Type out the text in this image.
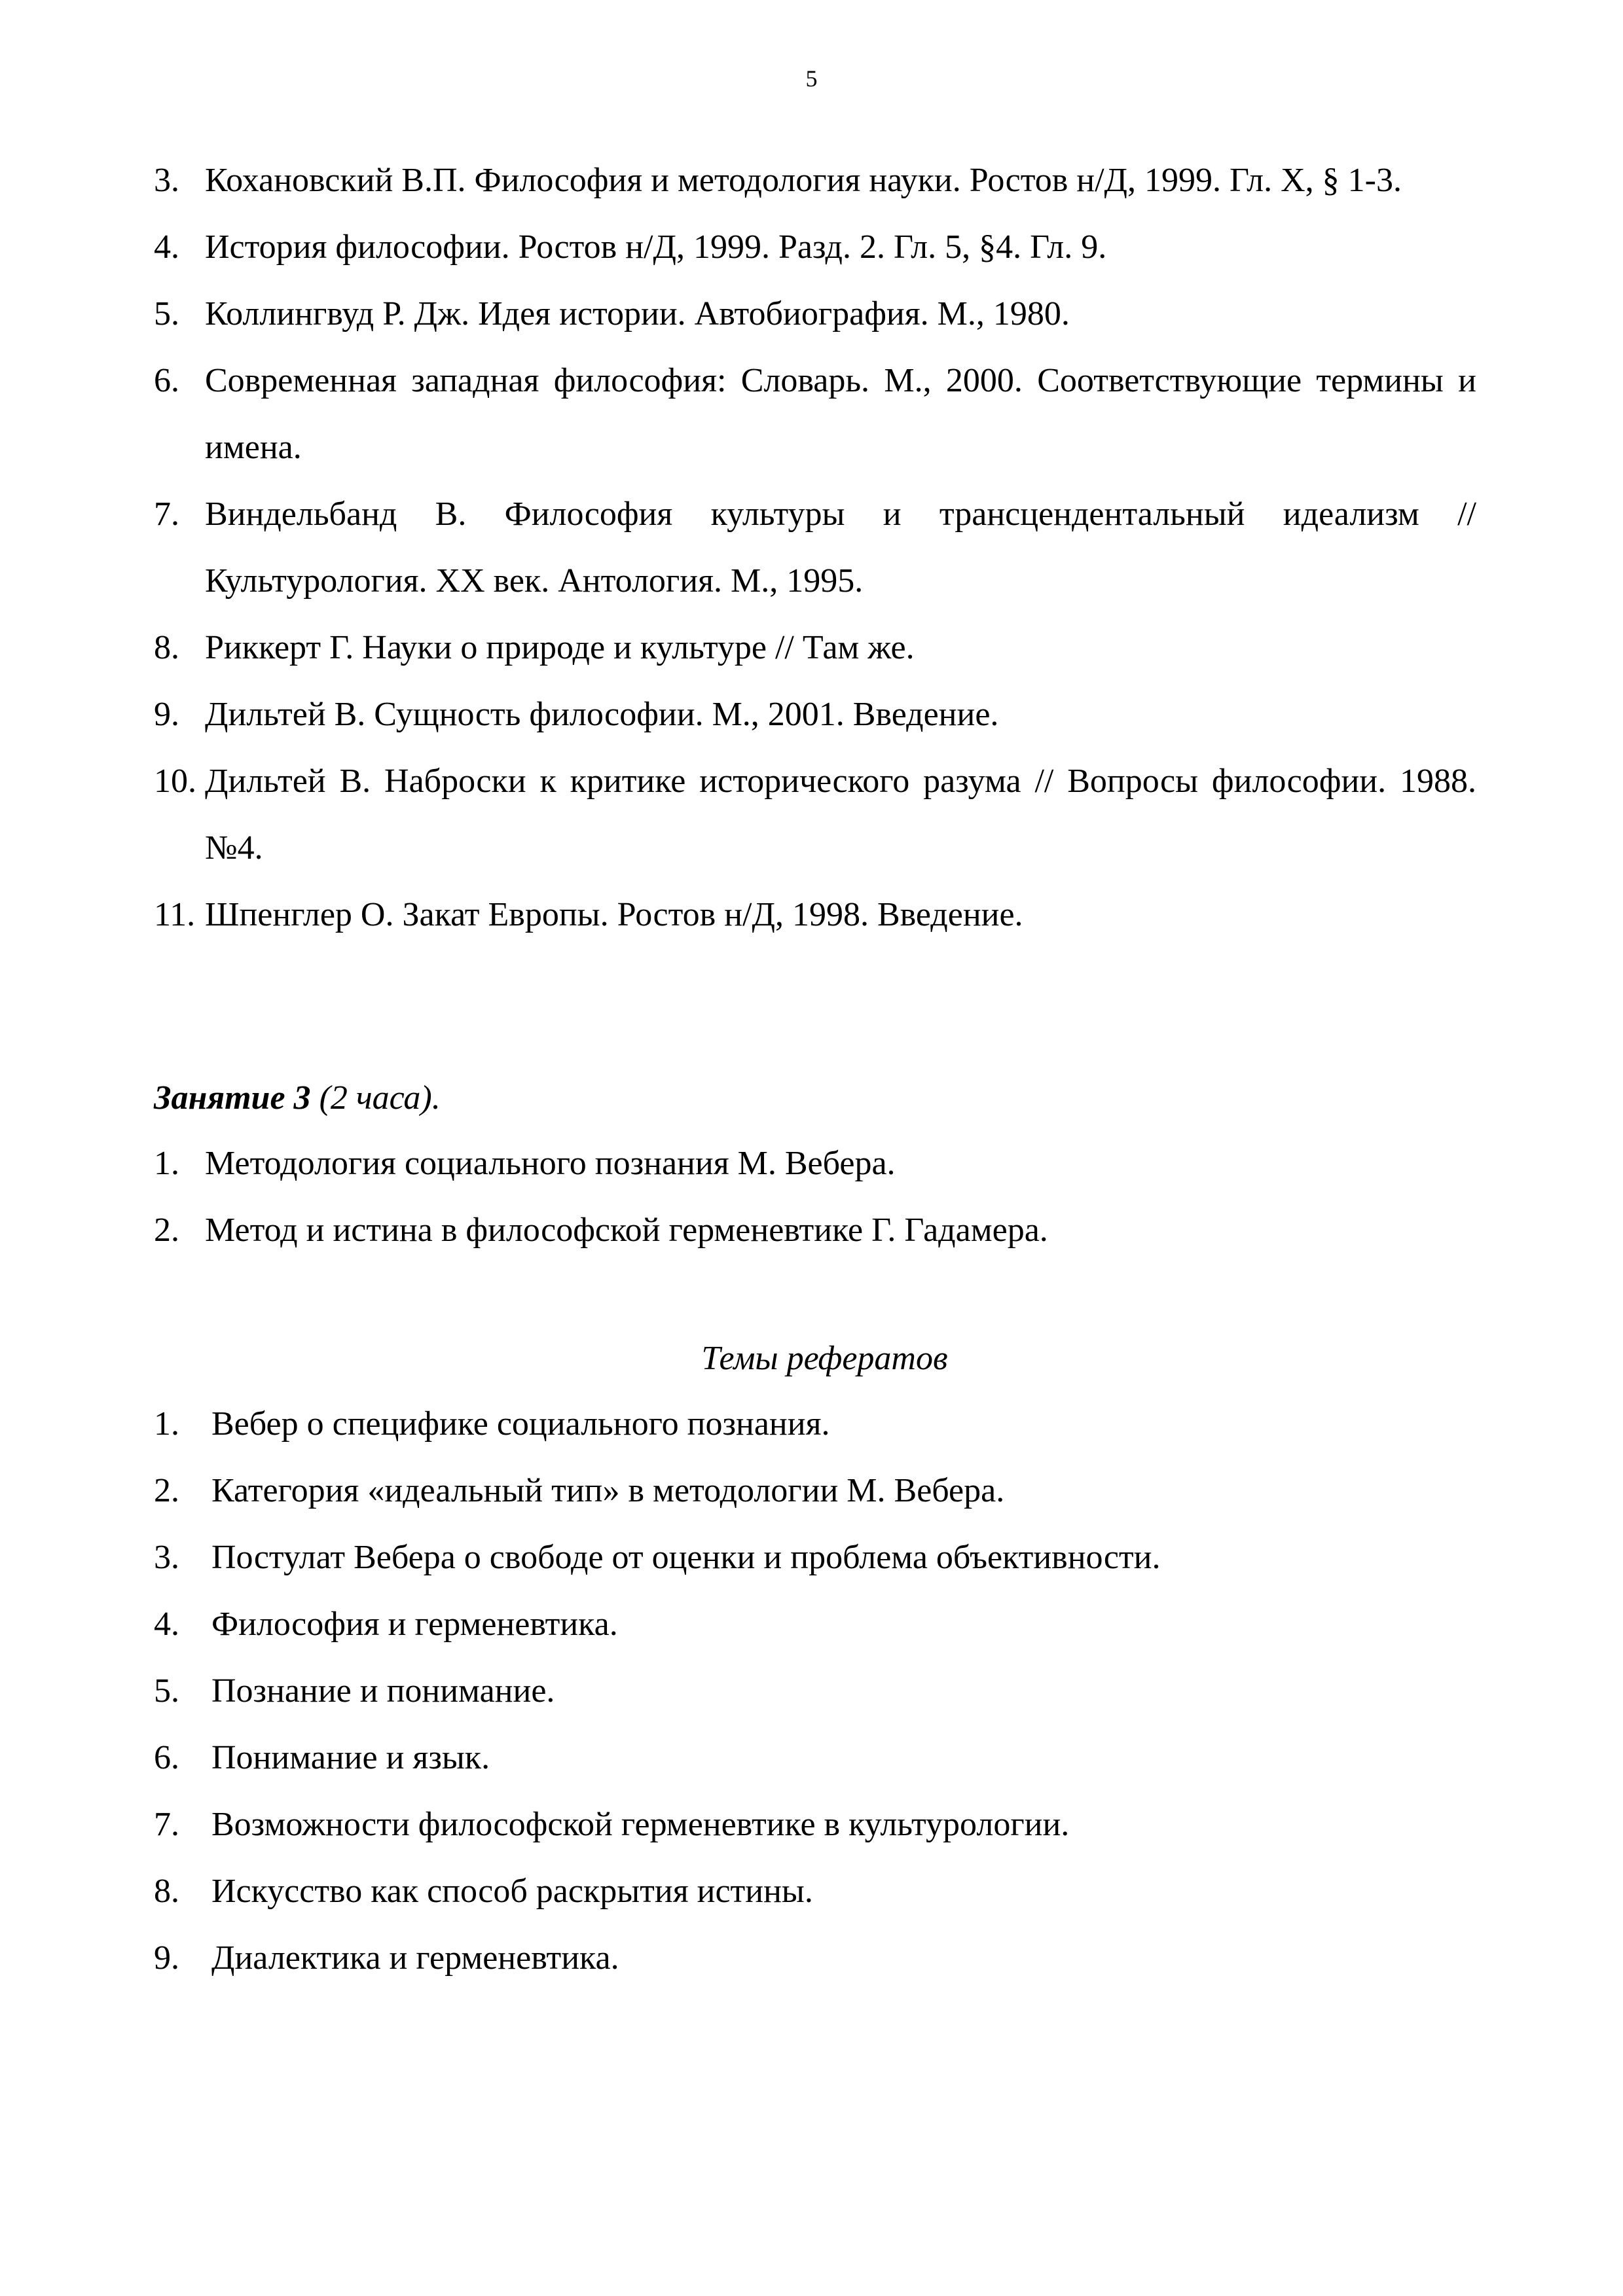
5
3. Кохановский В.П. Философия и методология науки. Ростов н/Д, 1999. Гл. X, § 1-3.
4. История философии. Ростов н/Д, 1999. Разд. 2. Гл. 5, §4. Гл. 9.
5. Коллингвуд Р. Дж. Идея истории. Автобиография. М., 1980.
6. Современная западная философия: Словарь. М., 2000. Соответствующие термины и имена.
7. Виндельбанд В. Философия культуры и трансцендентальный идеализм // Культурология. XX век. Антология. М., 1995.
8. Риккерт Г. Науки о природе и культуре // Там же.
9. Дильтей В. Сущность философии. М., 2001. Введение.
10. Дильтей В. Наброски к критике исторического разума // Вопросы философии. 1988. №4.
11. Шпенглер О. Закат Европы. Ростов н/Д, 1998. Введение.
Занятие 3 (2 часа).
1. Методология социального познания М. Вебера.
2. Метод и истина в философской герменевтике Г. Гадамера.
Темы рефератов
1. Вебер о специфике социального познания.
2. Категория «идеальный тип» в методологии М. Вебера.
3. Постулат Вебера о свободе от оценки и проблема объективности.
4. Философия и герменевтика.
5. Познание и понимание.
6. Понимание и язык.
7. Возможности философской герменевтике в культурологии.
8. Искусство как способ раскрытия истины.
9. Диалектика и герменевтика.
